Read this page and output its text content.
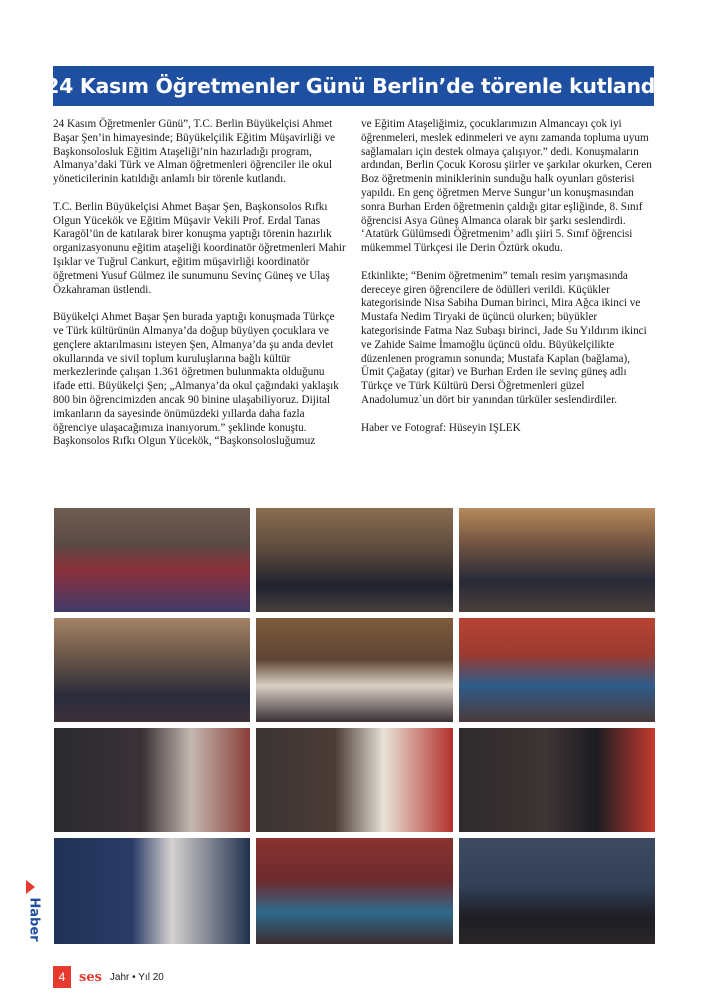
24 Kasım Öğretmenler Günü Berlin’de törenle kutlandı

24 Kasım Öğretmenler Günü”, T.C. Berlin Büyükelçisi Ahmet Başar Şen’in himayesinde; Büyükelçilik Eğitim Müşavirliği ve Başkonsolosluk Eğitim Ataşeliği’nin hazırladığı program, Almanya’daki Türk ve Alman öğretmenleri öğrenciler ile okul yöneticilerinin katıldığı anlamlı bir törenle kutlandı.

T.C. Berlin Büyükelçisi Ahmet Başar Şen, Başkonsolos Rıfkı Olgun Yücekök ve Eğitim Müşavir Vekili Prof. Erdal Tanas Karagöl’ün de katılarak birer konuşma yaptığı törenin hazırlık organizasyonunu eğitim ataşeliği koordinatör öğretmenleri Mahir Işıklar ve Tuğrul Cankurt, eğitim müşavirliği koordinatör öğretmeni Yusuf Gülmez ile sunumunu Sevinç Güneş ve Ulaş Özkahraman üstlendi.

Büyükelçi Ahmet Başar Şen burada yaptığı konuşmada Türkçe ve Türk kültürünün Almanya’da doğup büyüyen çocuklara ve gençlere aktarılmasını isteyen Şen, Almanya’da şu anda devlet okullarında ve sivil toplum kuruluşlarına bağlı kültür merkezlerinde çalışan 1.361 öğretmen bulunmakta olduğunu ifade etti. Büyükelçi Şen; „Almanya’da okul çağındaki yaklaşık 800 bin öğrencimizden ancak 90 binine ulaşabiliyoruz. Dijital imkanların da sayesinde önümüzdeki yıllarda daha fazla öğrenciye ulaşacağımıza inanıyorum.” şeklinde konuştu. Başkonsolos Rıfkı Olgun Yücekök, “Başkonsolosluğumuz

ve Eğitim Ataşeliğimiz, çocuklarımızın Almancayı çok iyi öğrenmeleri, meslek edinmeleri ve aynı zamanda topluma uyum sağlamaları için destek olmaya çalışıyor.” dedi. Konuşmaların ardından, Berlin Çocuk Korosu şiirler ve şarkılar okurken, Ceren Boz öğretmenin miniklerinin sunduğu halk oyunları gösterisi yapıldı. En genç öğretmen Merve Sungur’un konuşmasından sonra Burhan Erden öğretmenin çaldığı gitar eşliğinde, 8. Sınıf öğrencisi Asya Güneş Almanca olarak bir şarkı seslendirdi. ‘Atatürk Gülümsedi Öğretmenim’ adlı şiiri 5. Sınıf öğrencisi mükemmel Türkçesi ile Derin Öztürk okudu.

Etkinlikte; “Benim öğretmenim” temalı resim yarışmasında dereceye giren öğrencilere de ödülleri verildi. Küçükler kategorisinde Nisa Sabiha Duman birinci, Mira Ağca ikinci ve Mustafa Nedim Tiryaki de üçüncü olurken; büyükler kategorisinde Fatma Naz Subaşı birinci, Jade Su Yıldırım ikinci ve Zahide Saime İmamoğlu üçüncü oldu. Büyükelçilikte düzenlenen programın sonunda; Mustafa Kaplan (bağlama), Ümit Çağatay (gitar) ve Burhan Erden ile sevinç güneş adlı Türkçe ve Türk Kültürü Dersi Öğretmenleri güzel Anadolumuz`un dört bir yanından türküler seslendirdiler.

Haber ve Fotograf: Hüseyin IŞLEK

Haber
4	ses Jahr • Yıl 20
